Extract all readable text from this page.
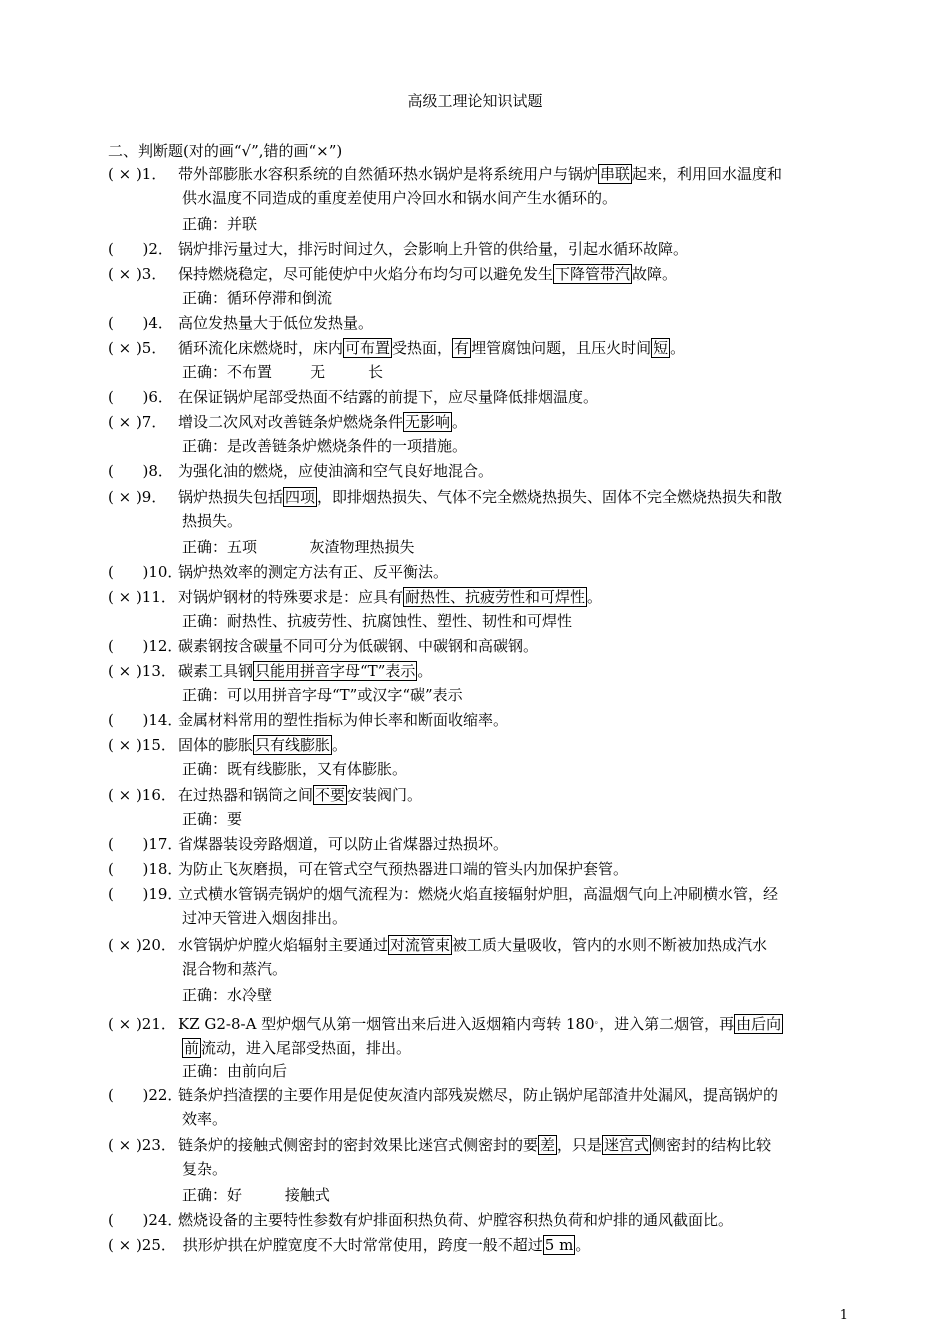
高级工理论知识试题
二、判断题(对的画“√”,错的画“×”)
( × )1． 带外部膨胀水容积系统的自然循环热水锅炉是将系统用户与锅炉 串联 起来，利用回水温度和
供水温度不同造成的重度差使用户冷回水和锅水间产生水循环的。
正确：并联
(      )2． 锅炉排污量过大，排污时间过久，会影响上升管的供给量，引起水循环故障。
( × )3． 保持燃烧稳定，尽可能使炉中火焰分布均匀可以避免发生 下降管带汽 故障。
正确：循环停滞和倒流
(      )4． 高位发热量大于低位发热量。
( × )5． 循环流化床燃烧时，床内 可布置 受热面， 有 埋管腐蚀问题，且压火时间 短 。
正确：不布置        无         长
(      )6． 在保证锅炉尾部受热面不结露的前提下，应尽量降低排烟温度。
( × )7． 增设二次风对改善链条炉燃烧条件 无影响 。
正确：是改善链条炉燃烧条件的一项措施。
(      )8． 为强化油的燃烧，应使油滴和空气良好地混合。
( × )9． 锅炉热损失包括 四项 ，即排烟热损失、气体不完全燃烧热损失、固体不完全燃烧热损失和散
热损失。
正确：五项           灰渣物理热损失
(      )10．锅炉热效率的测定方法有正、反平衡法。
( × )11． 对锅炉钢材的特殊要求是：应具有 耐热性、抗疲劳性和可焊性 。
正确：耐热性、抗疲劳性、抗腐蚀性、塑性、韧性和可焊性
(      )12．碳素钢按含碳量不同可分为低碳钢、中碳钢和高碳钢。
( × )13． 碳素工具钢 只能用拼音字母“T”表示 。
正确：可以用拼音字母“T”或汉字“碳”表示
(      )14．金属材料常用的塑性指标为伸长率和断面收缩率。
( × )15． 固体的膨胀 只有线膨胀 。
正确：既有线膨胀，又有体膨胀。
( × )16． 在过热器和锅筒之间 不要 安装阀门。
正确：要
(      )17．省煤器装设旁路烟道，可以防止省煤器过热损坏。
(      )18．为防止飞灰磨损，可在管式空气预热器进口端的管头内加保护套管。
(      )19．立式横水管锅壳锅炉的烟气流程为：燃烧火焰直接辐射炉胆，高温烟气向上冲刷横水管，经
过冲天管进入烟囱排出。
( × )20． 水管锅炉炉膛火焰辐射主要通过 对流管束 被工质大量吸收，管内的水则不断被加热成汽水
混合物和蒸汽。
正确：水冷壁
( × )21． KZ G2-8-A 型炉烟气从第一烟管出来后进入返烟箱内弯转 180。，进入第二烟管，再 由后向
前 流动，进入尾部受热面，排出。
正确：由前向后
(      )22．链条炉挡渣摆的主要作用是促使灰渣内部残炭燃尽，防止锅炉尾部渣井处漏风，提高锅炉的
效率。
( × )23． 链条炉的接触式侧密封的密封效果比迷宫式侧密封的要 差 ，只是 迷宫式 侧密封的结构比较
复杂。
正确：好         接触式
(      )24．燃烧设备的主要特性参数有炉排面积热负荷、炉膛容积热负荷和炉排的通风截面比。
( × )25． 拱形炉拱在炉膛宽度不大时常常使用，跨度一般不超过 5 m 。
1
